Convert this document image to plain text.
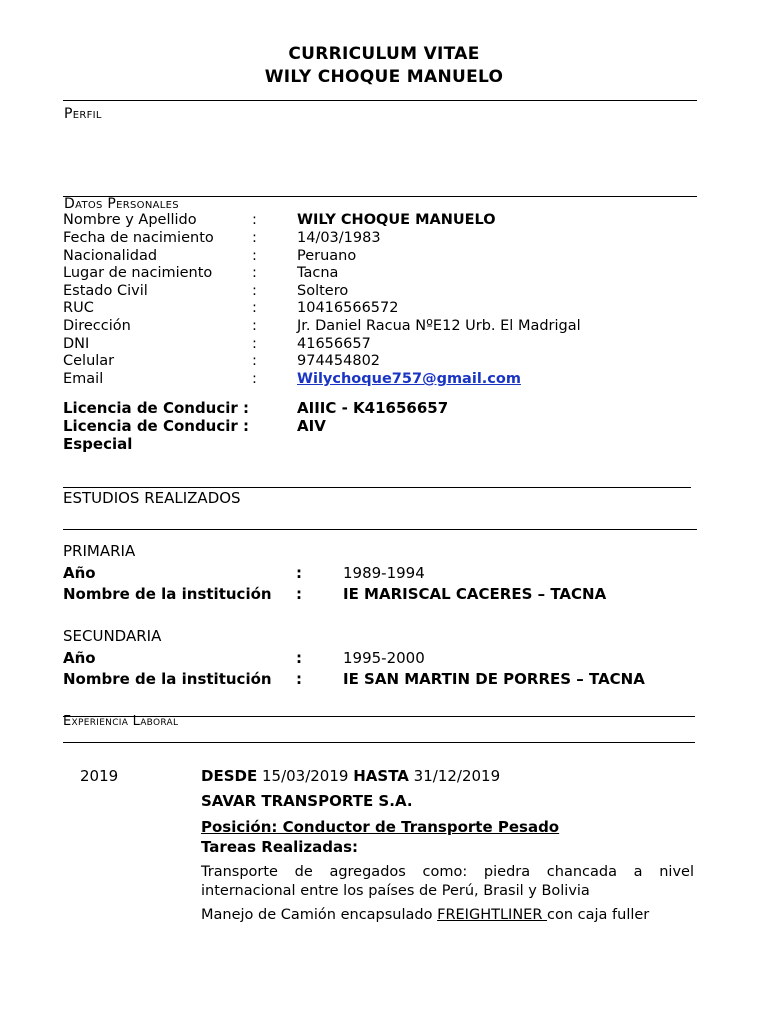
CURRICULUM VITAE
WILY CHOQUE MANUELO
Perfil
Datos Personales
Nombre y Apellido	:	WILY CHOQUE MANUELO
Fecha de nacimiento	:	14/03/1983
Nacionalidad	:	Peruano
Lugar de nacimiento	:	Tacna
Estado Civil	:	Soltero
RUC	:	10416566572
Dirección	:	Jr. Daniel Racua NºE12 Urb. El Madrigal
DNI	:	41656657
Celular	:	974454802
Email	:	Wilychoque757@gmail.com
Licencia de Conducir :	AIIIC - K41656657
Licencia de Conducir :	AIV
Especial
ESTUDIOS REALIZADOS
PRIMARIA
Año	:	1989-1994
Nombre de la institución :	IE MARISCAL CACERES – TACNA
SECUNDARIA
Año	:	1995-2000
Nombre de la institución :	IE SAN MARTIN DE PORRES – TACNA
Experiencia Laboral
2019	DESDE 15/03/2019 HASTA 31/12/2019
SAVAR TRANSPORTE S.A.
Posición: Conductor de Transporte Pesado
Tareas Realizadas:
Transporte de agregados como: piedra chancada a nivel internacional entre los países de Perú, Brasil y Bolivia
Manejo de Camión encapsulado FREIGHTLINER con caja fuller
